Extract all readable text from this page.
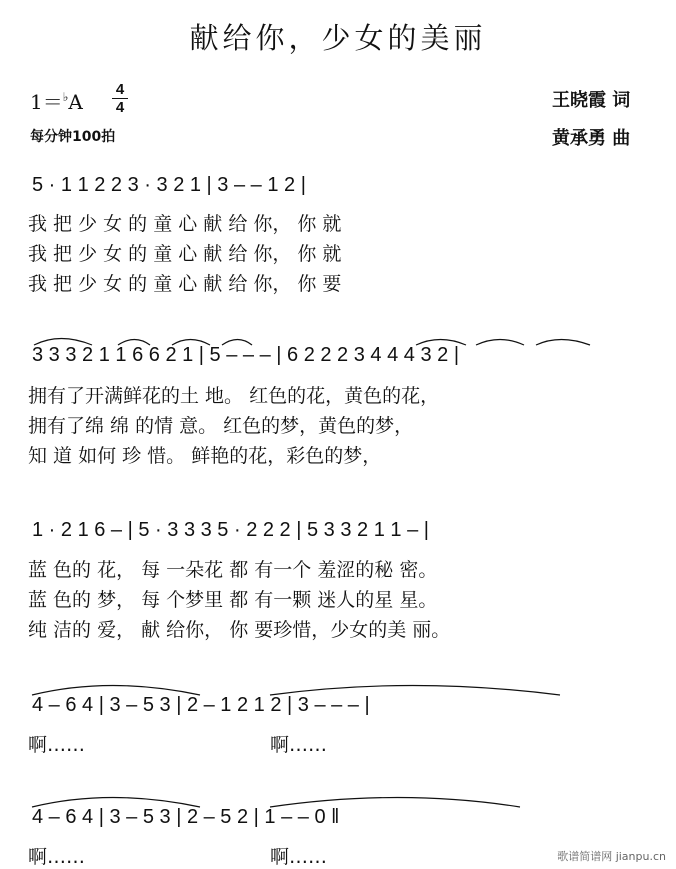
献给你，少女的美丽
1＝♭A
4
4
每分钟100拍
王晓霞 词
黄承勇 曲
5 · 1 1 2 2 3 · 3 2 1 | 3 – – 1 2 |
我 把 少 女 的 童 心 献 给 你， 你 就
我 把 少 女 的 童 心 献 给 你， 你 就
我 把 少 女 的 童 心 献 给 你， 你 要
3 3 3 2 1 1 6 6 2 1 | 5 – – – | 6 2 2 2 3 4 4 4 3 2 |
拥有了开满鲜花的土 地。 红色的花，黄色的花，
拥有了绵 绵 的情 意。 红色的梦，黄色的梦，
知 道 如何 珍 惜。 鲜艳的花，彩色的梦，
1 · 2 1 6 – | 5 · 3 3 3 5 · 2 2 2 | 5 3 3 2 1 1 – |
蓝 色的 花， 每 一朵花 都 有一个 羞涩的秘 密。
蓝 色的 梦， 每 个梦里 都 有一颗 迷人的星 星。
纯 洁的 爱， 献 给你， 你 要珍惜，少女的美 丽。
4 – 6 4 | 3 – 5 3 | 2 – 1 2 1 2 | 3 – – – |
啊……	啊……
4 – 6 4 | 3 – 5 3 | 2 – 5 2 | 1 – – 0 ‖
啊……	啊……	歌谱简谱网 jianpu.cn
